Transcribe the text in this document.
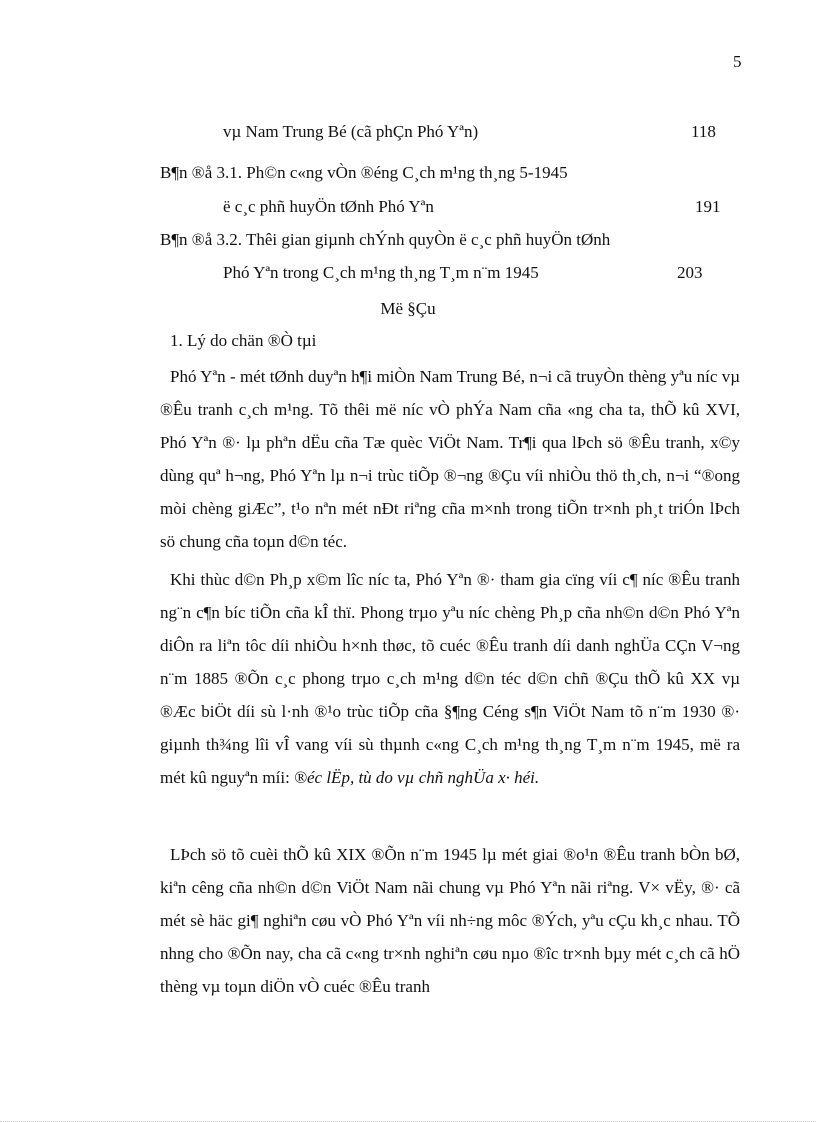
5
vµ Nam Trung Bé (cã phÇn Phó Yªn)	118
B¶n ®å 3.1. Ph©n c«ng vÒn ®éng C¸ch m¹ng th¸ng 5-1945
ë c¸c phñ huyÖn tØnh Phó Yªn	191
B¶n ®å 3.2. Thêi gian giµnh chÝnh quyÒn ë c¸c phñ huyÖn tØnh
Phó Yªn trong C¸ch m¹ng th¸ng T¸m n¨m 1945	203
Më §Çu
1. Lý do chän ®Ò tµi
Phó Yªn - mét tØnh duyªn h¶i miÒn Nam Trung Bé, n¬i cã truyÒn thèng yªu níc vµ ®Êu tranh c¸ch m¹ng. Tõ thêi më níc vÒ phÝa Nam cña «ng cha ta, thÕ kû XVI, Phó Yªn ®· lµ phªn dËu cña Tæ quèc ViÖt Nam. Tr¶i qua lÞch sö ®Êu tranh, x©y dùng quª h¬ng, Phó Yªn lµ n¬i trùc tiÕp ®¬ng ®Çu víi nhiÒu thö th¸ch, n¬i “®ong mòi chèng giÆc”, t¹o nªn mét nÐt riªng cña m×nh trong tiÕn tr×nh ph¸t triÓn lÞch sö chung cña toµn d©n téc.
Khi thùc d©n Ph¸p x©m lîc níc ta, Phó Yªn ®· tham gia cïng víi c¶ níc ®Êu tranh ng¨n c¶n bíc tiÕn cña kÎ thï. Phong trµo yªu níc chèng Ph¸p cña nh©n d©n Phó Yªn diÔn ra liªn tôc díi nhiÒu h×nh thøc, tõ cuéc ®Êu tranh díi danh nghÜa CÇn V¬ng n¨m 1885 ®Õn c¸c phong trµo c¸ch m¹ng d©n téc d©n chñ ®Çu thÕ kû XX vµ ®Æc biÖt díi sù l·nh ®¹o trùc tiÕp cña §¶ng Céng s¶n ViÖt Nam tõ n¨m 1930 ®· giµnh th¾ng lîi vÎ vang víi sù thµnh c«ng C¸ch m¹ng th¸ng T¸m n¨m 1945, më ra mét kû nguyªn míi: ®éc lËp, tù do vµ chñ nghÜa x· héi.
LÞch sö tõ cuèi thÕ kû XIX ®Õn n¨m 1945 lµ mét giai ®o¹n ®Êu tranh bÒn bØ, kiªn cêng cña nh©n d©n ViÖt Nam nãi chung vµ Phó Yªn nãi riªng. V× vËy, ®· cã mét sè häc gi¶ nghiªn cøu vÒ Phó Yªn víi nh÷ng môc ®Ých, yªu cÇu kh¸c nhau. TÕ nhng cho ®Õn nay, cha cã c«ng tr×nh nghiªn cøu nµo ®îc tr×nh bµy mét c¸ch cã hÖ thèng vµ toµn diÖn vÒ cuéc ®Êu tranh
